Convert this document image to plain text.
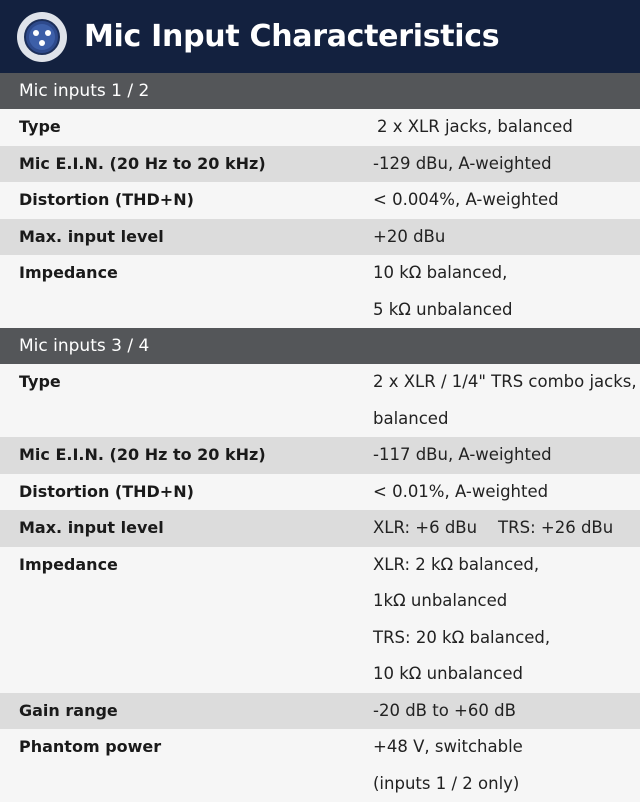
Mic Input Characteristics
Mic inputs 1 / 2
Type	2 x XLR jacks, balanced
Mic E.I.N. (20 Hz to 20 kHz)	-129 dBu, A-weighted
Distortion (THD+N)	< 0.004%, A-weighted
Max. input level	+20 dBu
Impedance	10 kΩ balanced,
5 kΩ unbalanced
Mic inputs 3 / 4
Type	2 x XLR / 1/4" TRS combo jacks,
balanced
Mic E.I.N. (20 Hz to 20 kHz)	-117 dBu, A-weighted
Distortion (THD+N)	< 0.01%, A-weighted
Max. input level	XLR: +6 dBu    TRS: +26 dBu
Impedance	XLR: 2 kΩ balanced,
1kΩ unbalanced
TRS: 20 kΩ balanced,
10 kΩ unbalanced
Gain range	-20 dB to +60 dB
Phantom power	+48 V, switchable
(inputs 1 / 2 only)
